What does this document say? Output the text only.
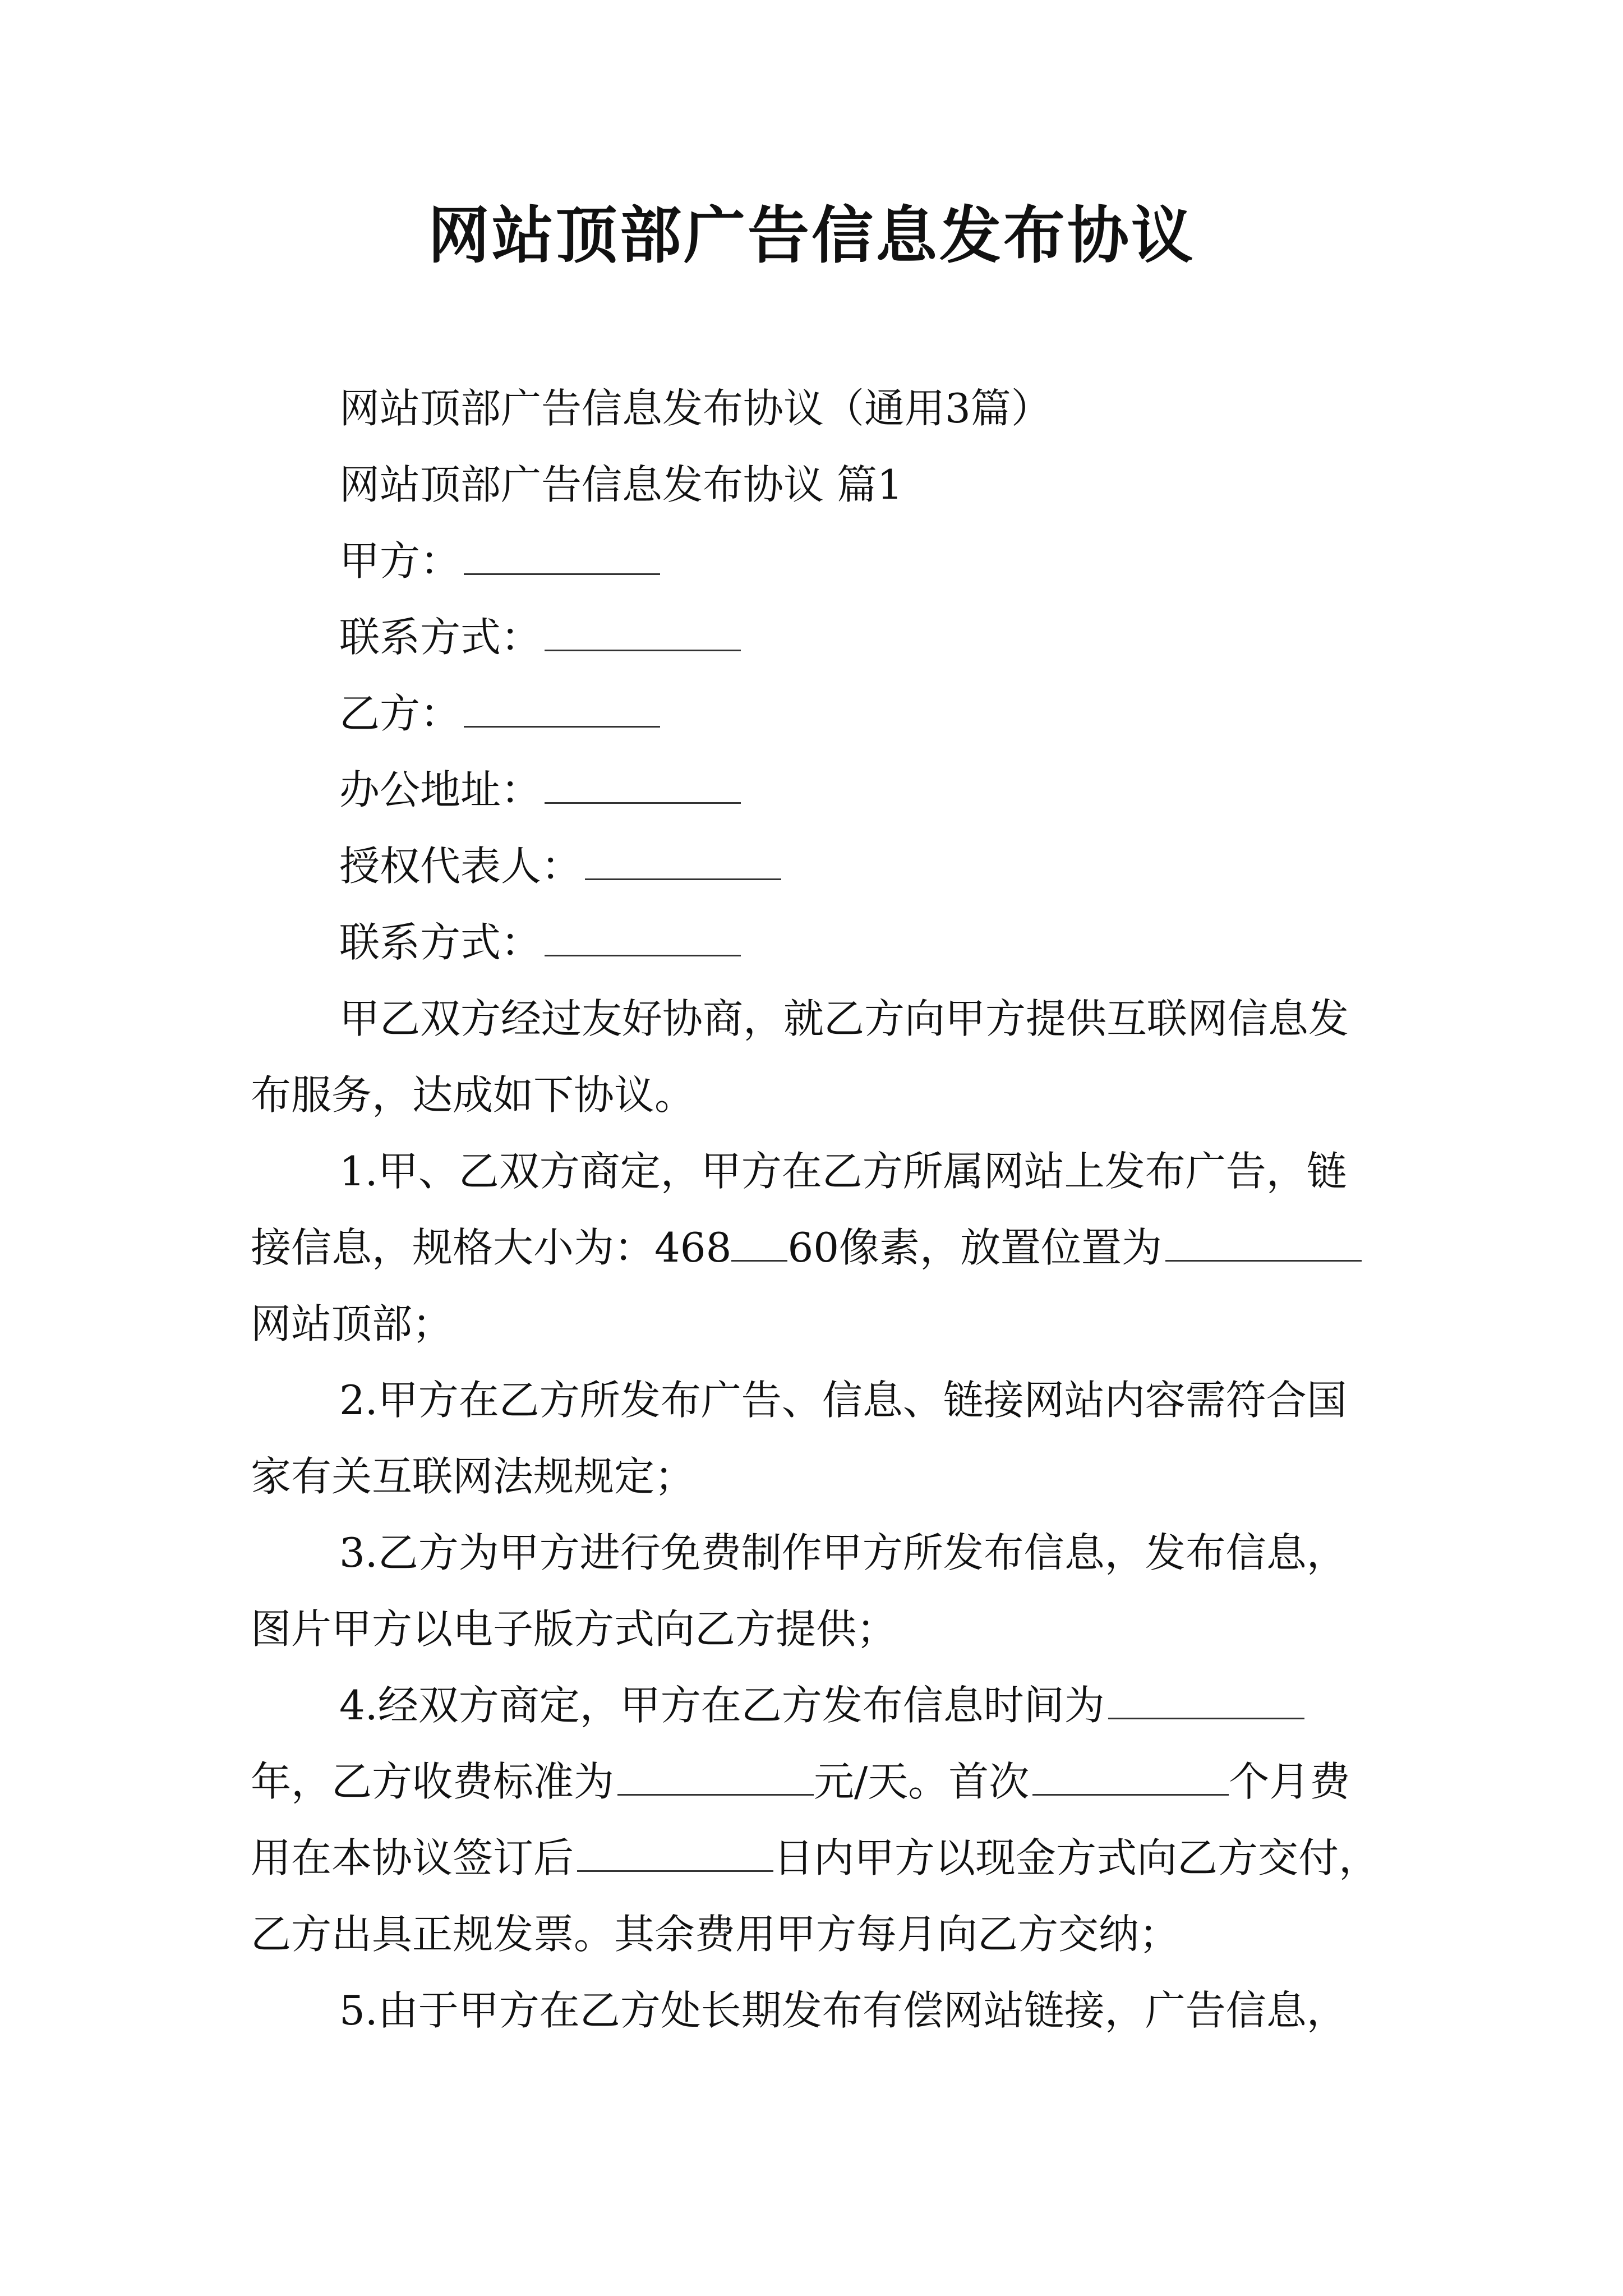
网站顶部广告信息发布协议

网站顶部广告信息发布协议（通用3篇）

网站顶部广告信息发布协议 篇1

甲方：

联系方式：

乙方：

办公地址：

授权代表人：

联系方式：

甲乙双方经过友好协商，就乙方向甲方提供互联网信息发布服务，达成如下协议。

1.甲、乙双方商定，甲方在乙方所属网站上发布广告，链接信息，规格大小为：468 60像素，放置位置为网站顶部；

2.甲方在乙方所发布广告、信息、链接网站内容需符合国家有关互联网法规规定；

3.乙方为甲方进行免费制作甲方所发布信息，发布信息，图片甲方以电子版方式向乙方提供；

4.经双方商定，甲方在乙方发布信息时间为年，乙方收费标准为	元/天。首次	个月费用在本协议签订后	日内甲方以现金方式向乙方交付，乙方出具正规发票。其余费用甲方每月向乙方交纳；

5.由于甲方在乙方处长期发布有偿网站链接，广告信息，
